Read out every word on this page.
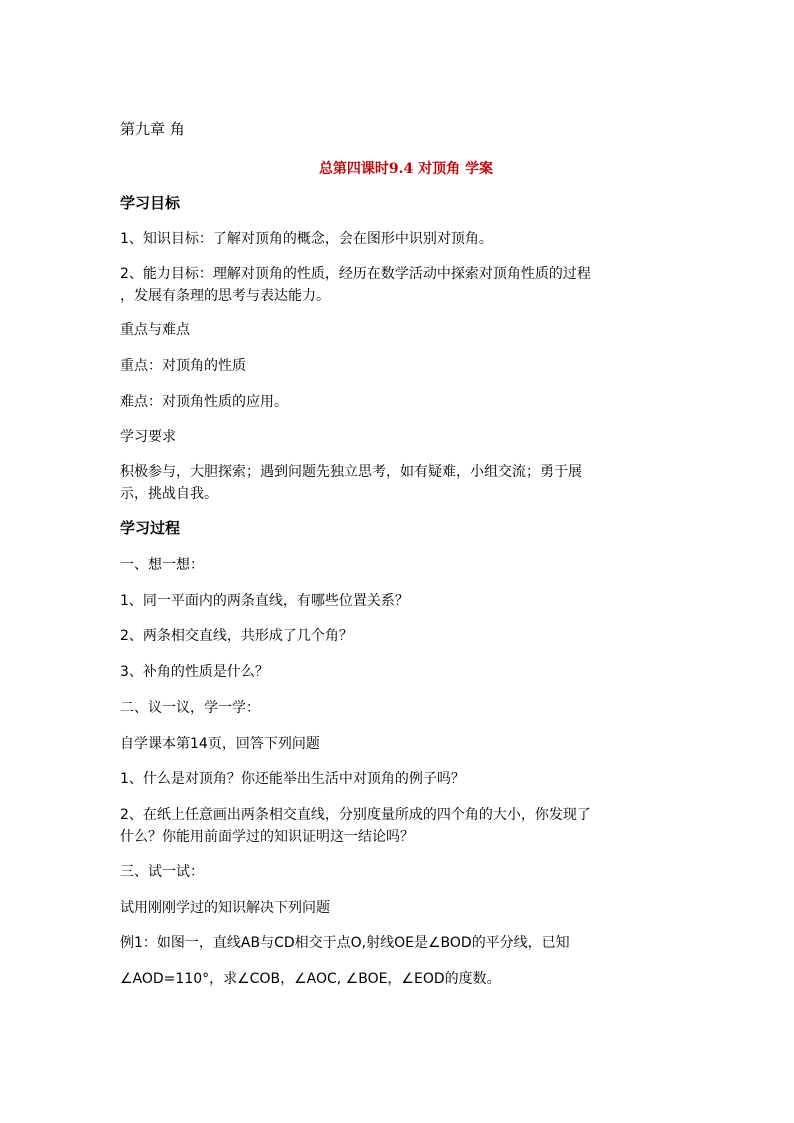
第九章 角
总第四课时9.4 对顶角 学案
学习目标
1、知识目标：了解对顶角的概念，会在图形中识别对顶角。
2、能力目标：理解对顶角的性质，经历在数学活动中探索对顶角性质的过程
，发展有条理的思考与表达能力。
重点与难点
重点：对顶角的性质
难点：对顶角性质的应用。
学习要求
积极参与，大胆探索；遇到问题先独立思考，如有疑难，小组交流；勇于展
示，挑战自我。
学习过程
一、想一想：
1、同一平面内的两条直线，有哪些位置关系？
2、两条相交直线，共形成了几个角？
3、补角的性质是什么？
二、议一议，学一学：
自学课本第14页，回答下列问题
1、什么是对顶角？你还能举出生活中对顶角的例子吗？
2、在纸上任意画出两条相交直线，分别度量所成的四个角的大小，你发现了
什么？你能用前面学过的知识证明这一结论吗？
三、试一试：
试用刚刚学过的知识解决下列问题
例1：如图一，直线AB与CD相交于点O,射线OE是∠BOD的平分线，已知
∠AOD=110°，求∠COB，∠AOC, ∠BOE，∠EOD的度数。
